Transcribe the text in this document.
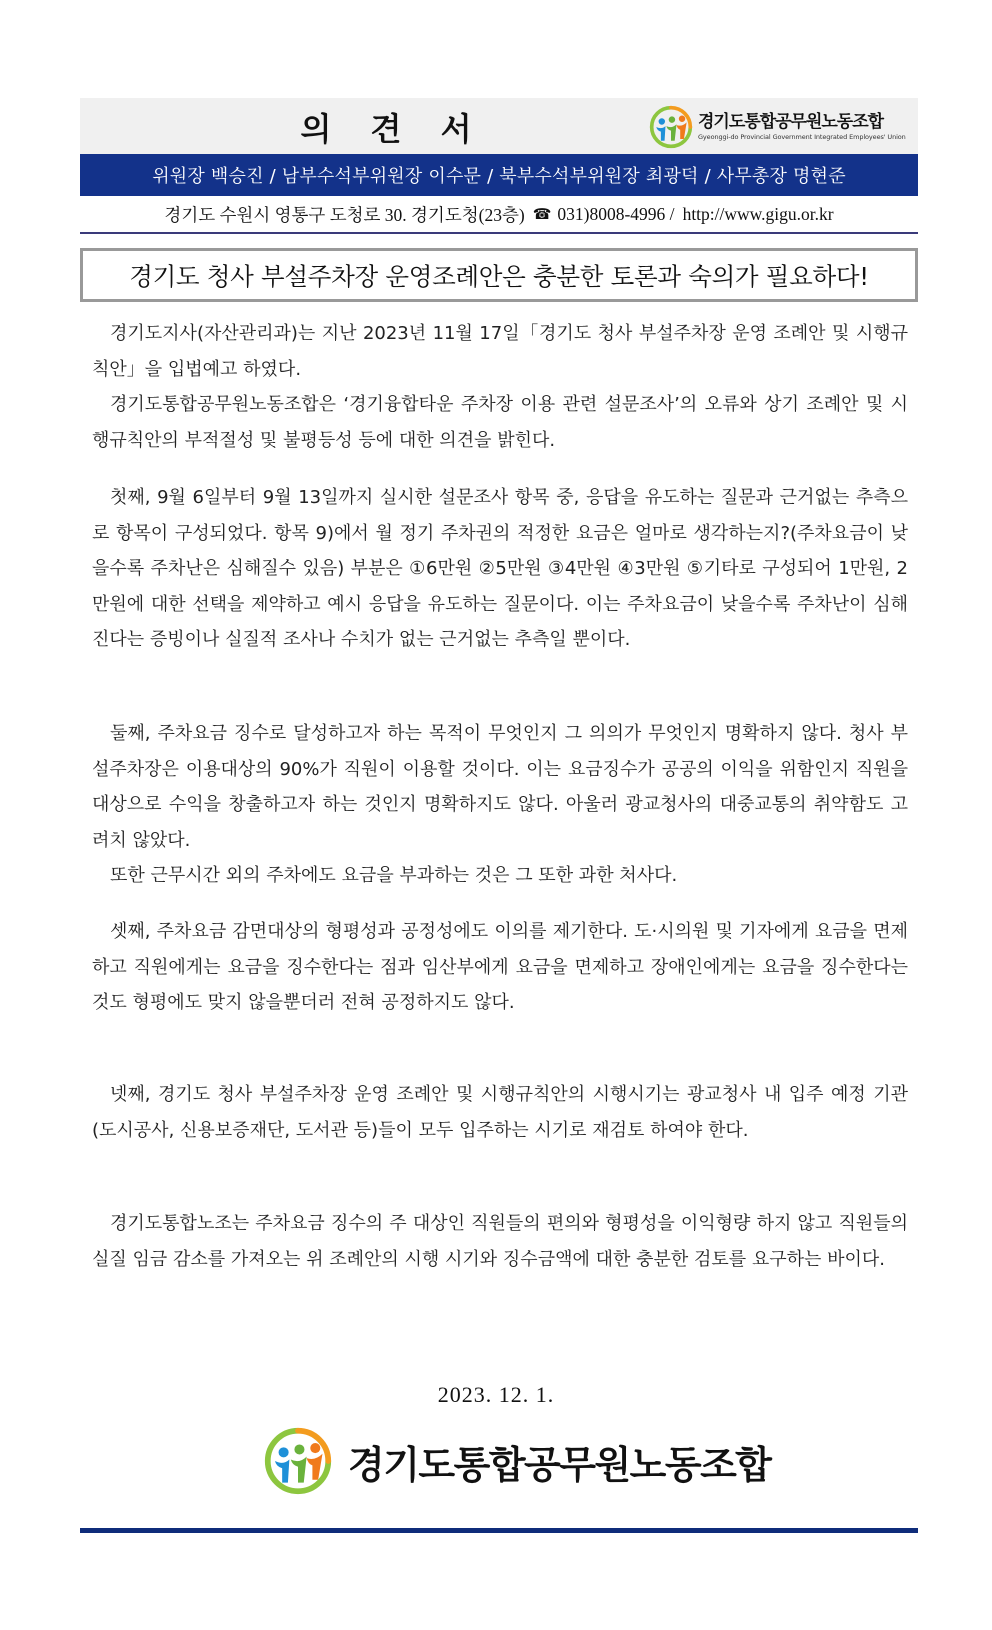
의 견 서	경기도통합공무원노동조합
Gyeonggi-do Provincial Government Integrated Employees' Union
위원장 백승진 / 남부수석부위원장 이수문 / 북부수석부위원장 최광덕 / 사무총장 명현준
경기도 수원시 영통구 도청로 30. 경기도청(23층) ☎ 031)8008-4996 / http://www.gigu.or.kr
경기도 청사 부설주차장 운영조례안은 충분한 토론과 숙의가 필요하다!

경기도지사(자산관리과)는 지난 2023년 11월 17일「경기도 청사 부설주차장 운영 조례안 및 시행규칙안」을 입법예고 하였다.

경기도통합공무원노동조합은 ‘경기융합타운 주차장 이용 관련 설문조사’의 오류와 상기 조례안 및 시행규칙안의 부적절성 및 불평등성 등에 대한 의견을 밝힌다.

첫째, 9월 6일부터 9월 13일까지 실시한 설문조사 항목 중, 응답을 유도하는 질문과 근거없는 추측으로 항목이 구성되었다. 항목 9)에서 월 정기 주차권의 적정한 요금은 얼마로 생각하는지?(주차요금이 낮을수록 주차난은 심해질수 있음) 부분은 ①6만원 ②5만원 ③4만원 ④3만원 ⑤기타로 구성되어 1만원, 2만원에 대한 선택을 제약하고 예시 응답을 유도하는 질문이다. 이는 주차요금이 낮을수록 주차난이 심해진다는 증빙이나 실질적 조사나 수치가 없는 근거없는 추측일 뿐이다.

둘째, 주차요금 징수로 달성하고자 하는 목적이 무엇인지 그 의의가 무엇인지 명확하지 않다. 청사 부설주차장은 이용대상의 90%가 직원이 이용할 것이다. 이는 요금징수가 공공의 이익을 위함인지 직원을 대상으로 수익을 창출하고자 하는 것인지 명확하지도 않다. 아울러 광교청사의 대중교통의 취약함도 고려치 않았다.

또한 근무시간 외의 주차에도 요금을 부과하는 것은 그 또한 과한 처사다.

셋째, 주차요금 감면대상의 형평성과 공정성에도 이의를 제기한다. 도·시의원 및 기자에게 요금을 면제하고 직원에게는 요금을 징수한다는 점과 임산부에게 요금을 면제하고 장애인에게는 요금을 징수한다는 것도 형평에도 맞지 않을뿐더러 전혀 공정하지도 않다.

넷째, 경기도 청사 부설주차장 운영 조례안 및 시행규칙안의 시행시기는 광교청사 내 입주 예정 기관(도시공사, 신용보증재단, 도서관 등)들이 모두 입주하는 시기로 재검토 하여야 한다.

경기도통합노조는 주차요금 징수의 주 대상인 직원들의 편의와 형평성을 이익형량 하지 않고 직원들의 실질 임금 감소를 가져오는 위 조례안의 시행 시기와 징수금액에 대한 충분한 검토를 요구하는 바이다.

2023. 12. 1.
경기도통합공무원노동조합
